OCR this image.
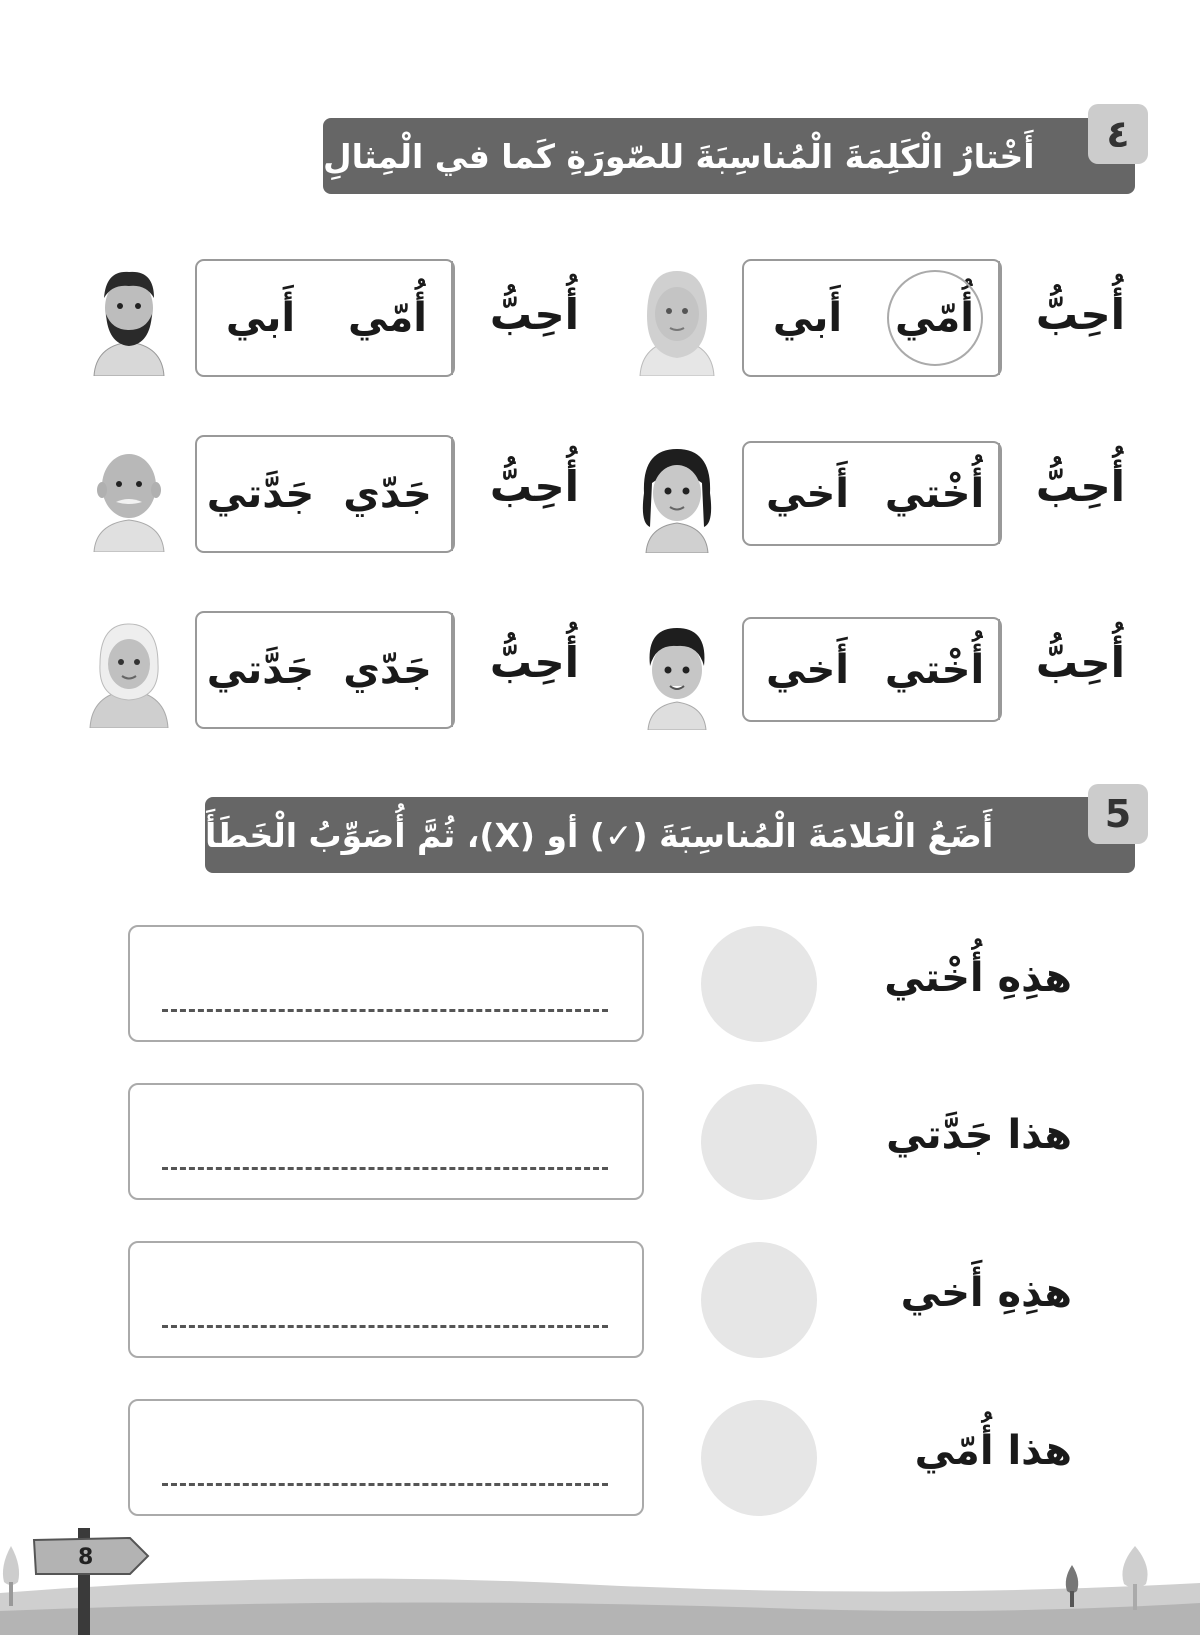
أَخْتارُ الْكَلِمَةَ الْمُناسِبَةَ للصّورَةِ كَما في الْمِثالِ ٤
أُحِبُّ
أَبي	أُمّي
أُحِبُّ
أَبي	أُمّي
أُحِبُّ
أَخي أُخْتي
أُحِبُّ
جَدَّتي جَدّي
أُحِبُّ
أَخي أُخْتي
أُحِبُّ
جَدَّتي جَدّي
أَضَعُ الْعَلامَةَ الْمُناسِبَةَ (✓) أو (X)، ثُمَّ أُصَوِّبُ الْخَطَأَ	5
هذِهِ أُخْتي
هذا جَدَّتي
هذِهِ أَخي
هذا أُمّي
8
